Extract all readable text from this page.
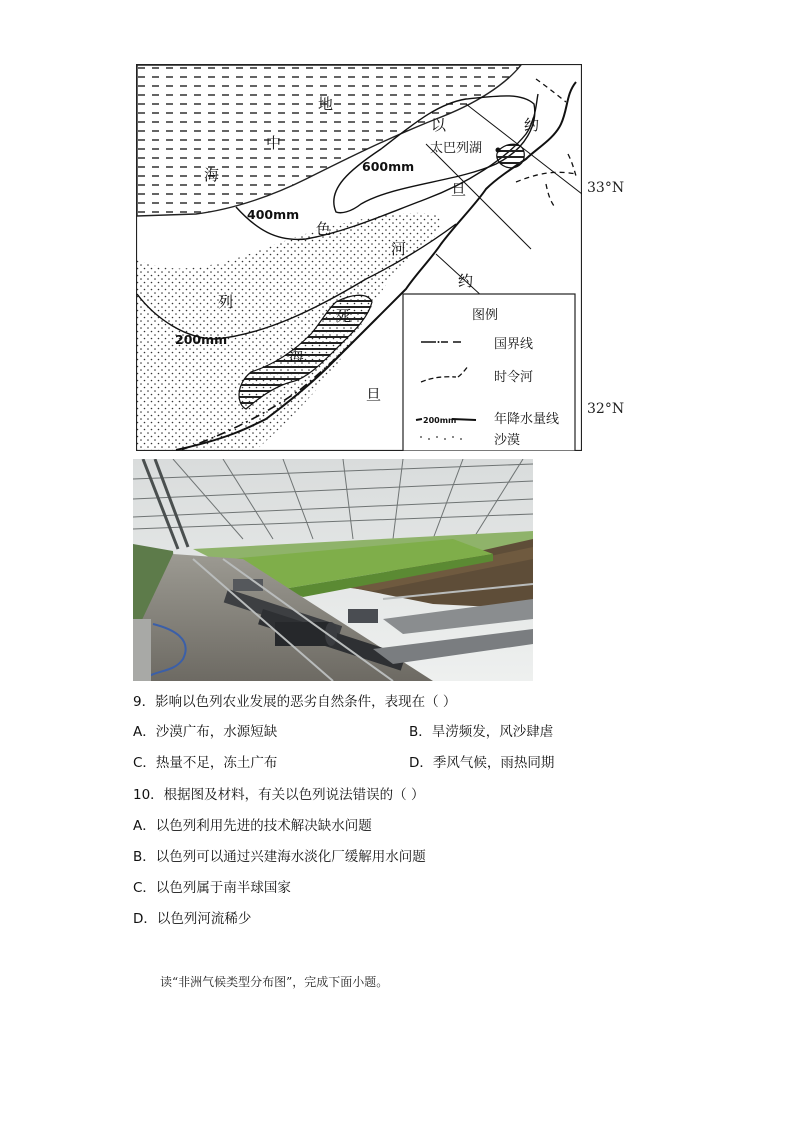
地
中
海
以
色
列
约
约
旦
旦
河
死
海
太巴列湖
600mm
400mm
200mm
图例
国界线
时令河
200mm	年降水量线
沙漠
33°N
32°N
9．影响以色列农业发展的恶劣自然条件，表现在（ ）
A．沙漠广布，水源短缺	B．旱涝频发，风沙肆虐
C．热量不足，冻土广布	D．季风气候，雨热同期
10．根据图及材料，有关以色列说法错误的（ ）
A．以色列利用先进的技术解决缺水问题
B．以色列可以通过兴建海水淡化厂缓解用水问题
C．以色列属于南半球国家
D．以色列河流稀少
读“非洲气候类型分布图”，完成下面小题。
